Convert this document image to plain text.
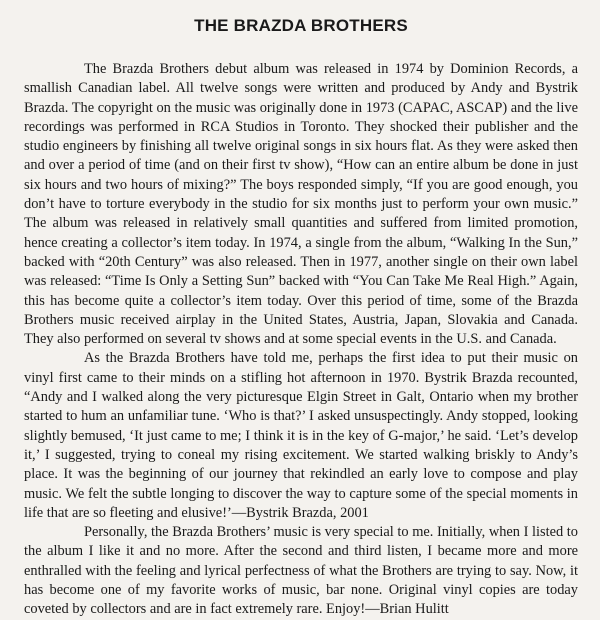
THE BRAZDA BROTHERS

The Brazda Brothers debut album was released in 1974 by Dominion Records, a smallish Canadian label. All twelve songs were written and produced by Andy and Bystrik Brazda. The copyright on the music was originally done in 1973 (CAPAC, ASCAP) and the live recordings was performed in RCA Studios in Toronto. They shocked their publisher and the studio engineers by finishing all twelve original songs in six hours flat. As they were asked then and over a period of time (and on their first tv show), “How can an entire album be done in just six hours and two hours of mixing?” The boys responded simply, “If you are good enough, you don’t have to torture everybody in the studio for six months just to perform your own music.” The album was released in relatively small quantities and suffered from limited promotion, hence creating a collector’s item today. In 1974, a single from the album, “Walking In the Sun,” backed with “20th Century” was also released. Then in 1977, another single on their own label was released: “Time Is Only a Setting Sun” backed with “You Can Take Me Real High.” Again, this has become quite a collector’s item today. Over this period of time, some of the Brazda Brothers music received airplay in the United States, Austria, Japan, Slovakia and Canada. They also performed on several tv shows and at some special events in the U.S. and Canada.

As the Brazda Brothers have told me, perhaps the first idea to put their music on vinyl first came to their minds on a stifling hot afternoon in 1970. Bystrik Brazda recounted, “Andy and I walked along the very picturesque Elgin Street in Galt, Ontario when my brother started to hum an unfamiliar tune. ‘Who is that?’ I asked unsuspectingly. Andy stopped, looking slightly bemused, ‘It just came to me; I think it is in the key of G-major,’ he said. ‘Let’s develop it,’ I suggested, trying to coneal my rising excitement. We started walking briskly to Andy’s place. It was the beginning of our journey that rekindled an early love to compose and play music. We felt the subtle longing to discover the way to capture some of the special moments in life that are so fleeting and elusive!’—Bystrik Brazda, 2001

Personally, the Brazda Brothers’ music is very special to me. Initially, when I listed to the album I like it and no more. After the second and third listen, I became more and more enthralled with the feeling and lyrical perfectness of what the Brothers are trying to say. Now, it has become one of my favorite works of music, bar none. Original vinyl copies are today coveted by collectors and are in fact extremely rare. Enjoy!—Brian Hulitt
